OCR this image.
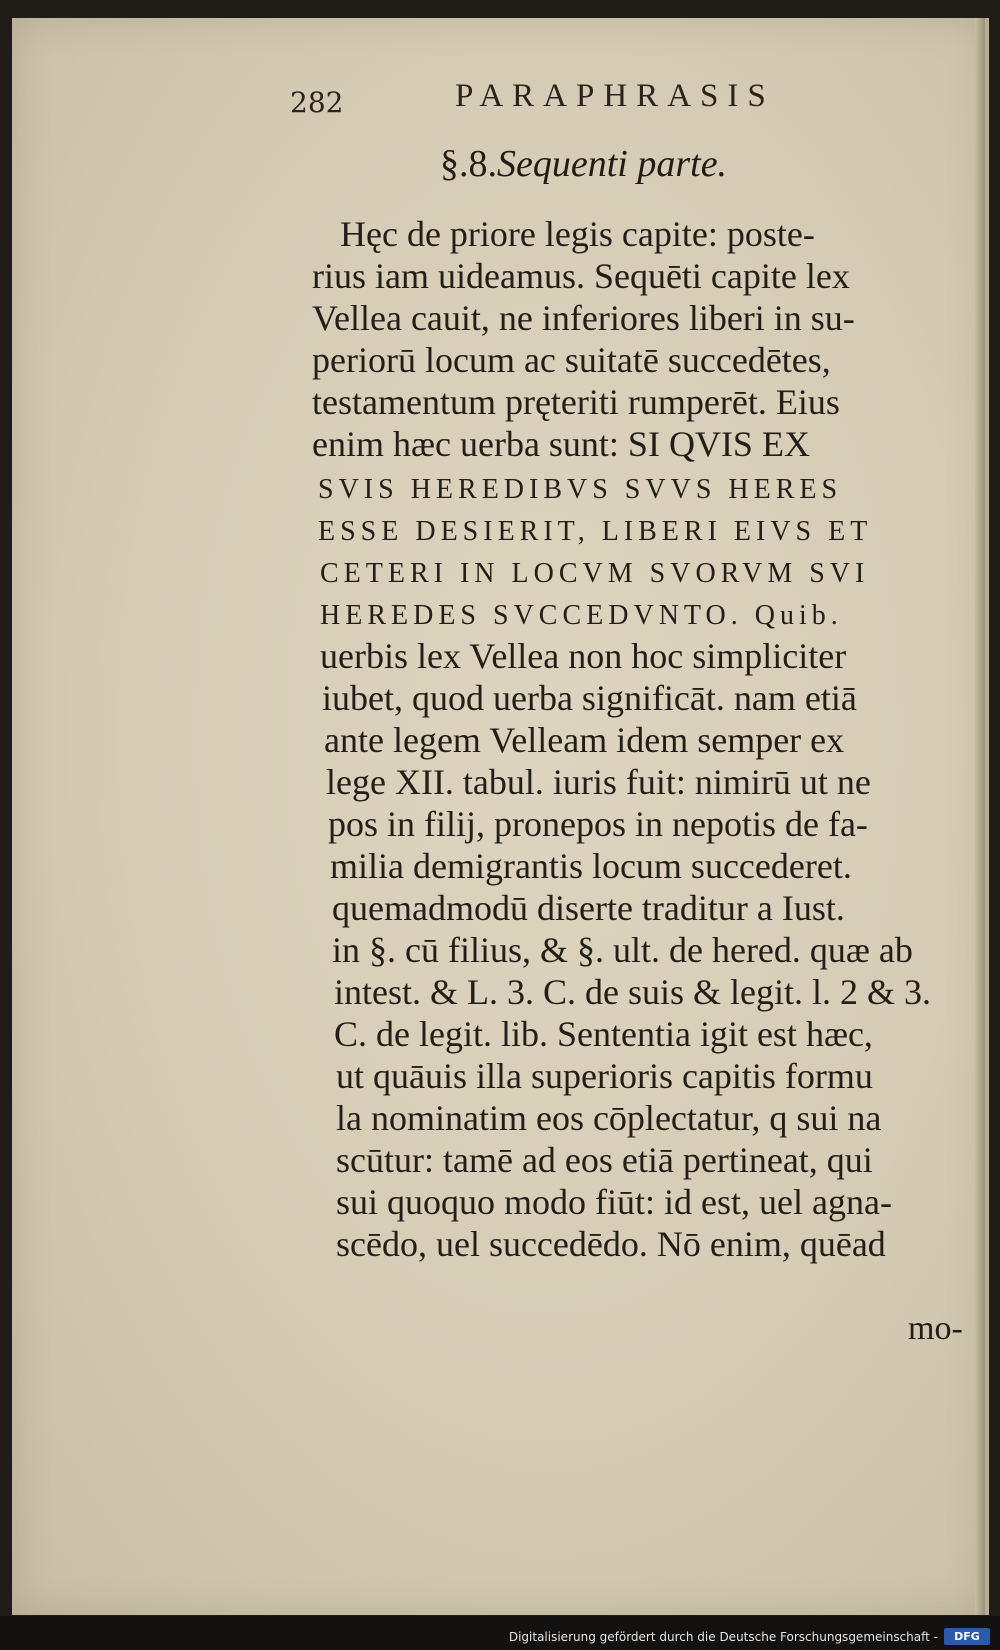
282	PARAPHRASIS
§.8.Sequenti parte.
Hęc de priore legis capite: poste-
rius iam uideamus. Sequēti capite lex
Vellea cauit, ne inferiores liberi in su-
periorū locum ac suitatē succedētes,
testamentum pręteriti rumperēt. Eius
enim hæc uerba sunt: SI QVIS EX
SVIS HEREDIBVS SVVS HERES
ESSE DESIERIT, LIBERI EIVS ET
CETERI IN LOCVM SVORVM SVI
HEREDES SVCCEDVNTO. Quib.
uerbis lex Vellea non hoc simpliciter
iubet, quod uerba significāt. nam etiā
ante legem Velleam idem semper ex
lege XII. tabul. iuris fuit: nimirū ut ne
pos in filij, pronepos in nepotis de fa-
milia demigrantis locum succederet.
quemadmodū diserte traditur a Iust.
in §. cū filius, & §. ult. de hered. quæ ab
intest. & L. 3. C. de suis & legit. l. 2 & 3.
C. de legit. lib. Sententia igit est hæc,
ut quāuis illa superioris capitis formu
la nominatim eos cōplectatur, q sui na
scūtur: tamē ad eos etiā pertineat, qui
sui quoquo modo fiūt: id est, uel agna-
scēdo, uel succedēdo. Nō enim, quēad
mo-
Digitalisierung gefördert durch die Deutsche Forschungsgemeinschaft -	DFG
